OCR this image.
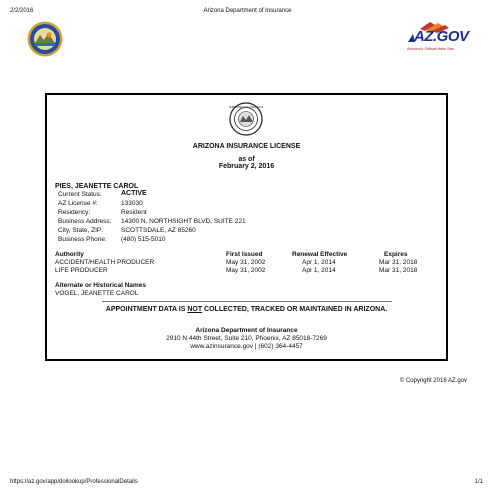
2/2/2016	Arizona Department of Insurance
AZ.GOV
Arizona's Official Web Site
DEPARTMENT OF INSURANCE
ARIZONA INSURANCE LICENSE
as of
February 2, 2016
PIES, JEANETTE CAROL
Current Status:	ACTIVE
AZ License #:	133030
Residency:	Resident
Business Address: 14300 N, NORTHSIGHT BLVD, SUITE 221
City, State, ZIP:	SCOTTSDALE, AZ 85260
Business Phone: (480) 515-5010
Authority	First Issued	Renewal Effective	Expires
ACCIDENT/HEALTH PRODUCER	May 31, 2002	Apr 1, 2014	Mar 31, 2018
LIFE PRODUCER	May 31, 2002	Apr 1, 2014	Mar 31, 2018
Alternate or Historical Names
VOGEL, JEANETTE CAROL
APPOINTMENT DATA IS NOT COLLECTED, TRACKED OR MAINTAINED IN ARIZONA.
Arizona Department of Insurance
2910 N 44th Street, Suite 210, Phoenix, AZ 85018-7269
www.azinsurance.gov | (602) 364-4457
© Copyright 2016 AZ.gov
https://az.gov/app/doilookup/ProfessionalDetails	1/1
